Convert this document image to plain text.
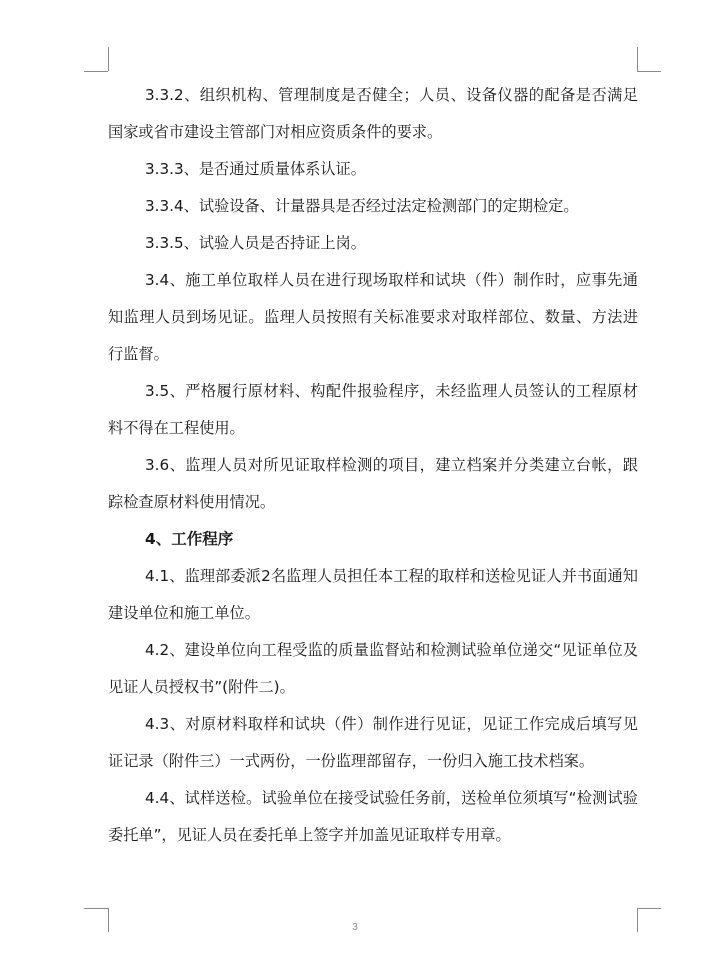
3.3.2、组织机构、管理制度是否健全；人员、设备仪器的配备是否满足国家或省市建设主管部门对相应资质条件的要求。

3.3.3、是否通过质量体系认证。

3.3.4、试验设备、计量器具是否经过法定检测部门的定期检定。

3.3.5、试验人员是否持证上岗。

3.4、施工单位取样人员在进行现场取样和试块（件）制作时，应事先通知监理人员到场见证。监理人员按照有关标准要求对取样部位、数量、方法进行监督。

3.5、严格履行原材料、构配件报验程序，未经监理人员签认的工程原材料不得在工程使用。

3.6、监理人员对所见证取样检测的项目，建立档案并分类建立台帐，跟踪检查原材料使用情况。

4、工作程序

4.1、监理部委派2名监理人员担任本工程的取样和送检见证人并书面通知建设单位和施工单位。

4.2、建设单位向工程受监的质量监督站和检测试验单位递交“见证单位及见证人员授权书”(附件二)。

4.3、对原材料取样和试块（件）制作进行见证，见证工作完成后填写见证记录（附件三）一式两份，一份监理部留存，一份归入施工技术档案。

4.4、试样送检。试验单位在接受试验任务前，送检单位须填写“检测试验委托单”，见证人员在委托单上签字并加盖见证取样专用章。

3
